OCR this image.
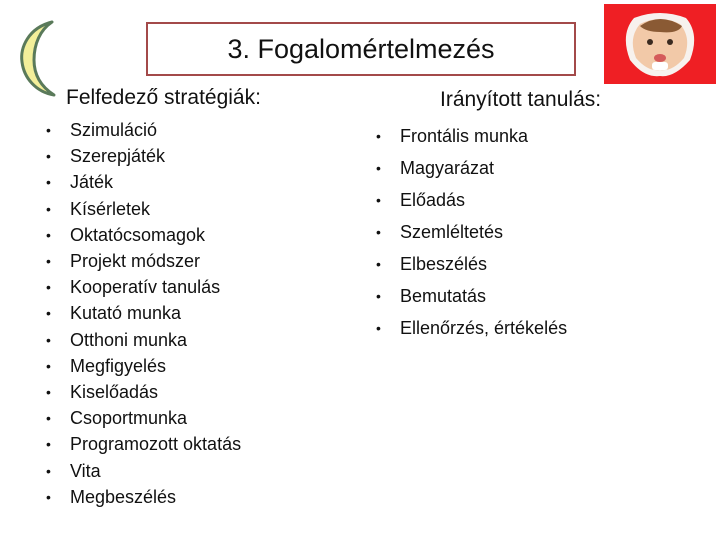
3. Fogalomértelmezés
Felfedező stratégiák:	Irányított tanulás:
• Szimuláció
• Szerepjáték
• Játék
• Kísérletek
• Oktatócsomagok
• Projekt módszer
• Kooperatív tanulás
• Kutató munka
• Otthoni munka
• Megfigyelés
• Kiselőadás
• Csoportmunka
• Programozott oktatás
• Vita
• Megbeszélés
• Frontális munka
• Magyarázat
• Előadás
• Szemléltetés
• Elbeszélés
• Bemutatás
• Ellenőrzés, értékelés
